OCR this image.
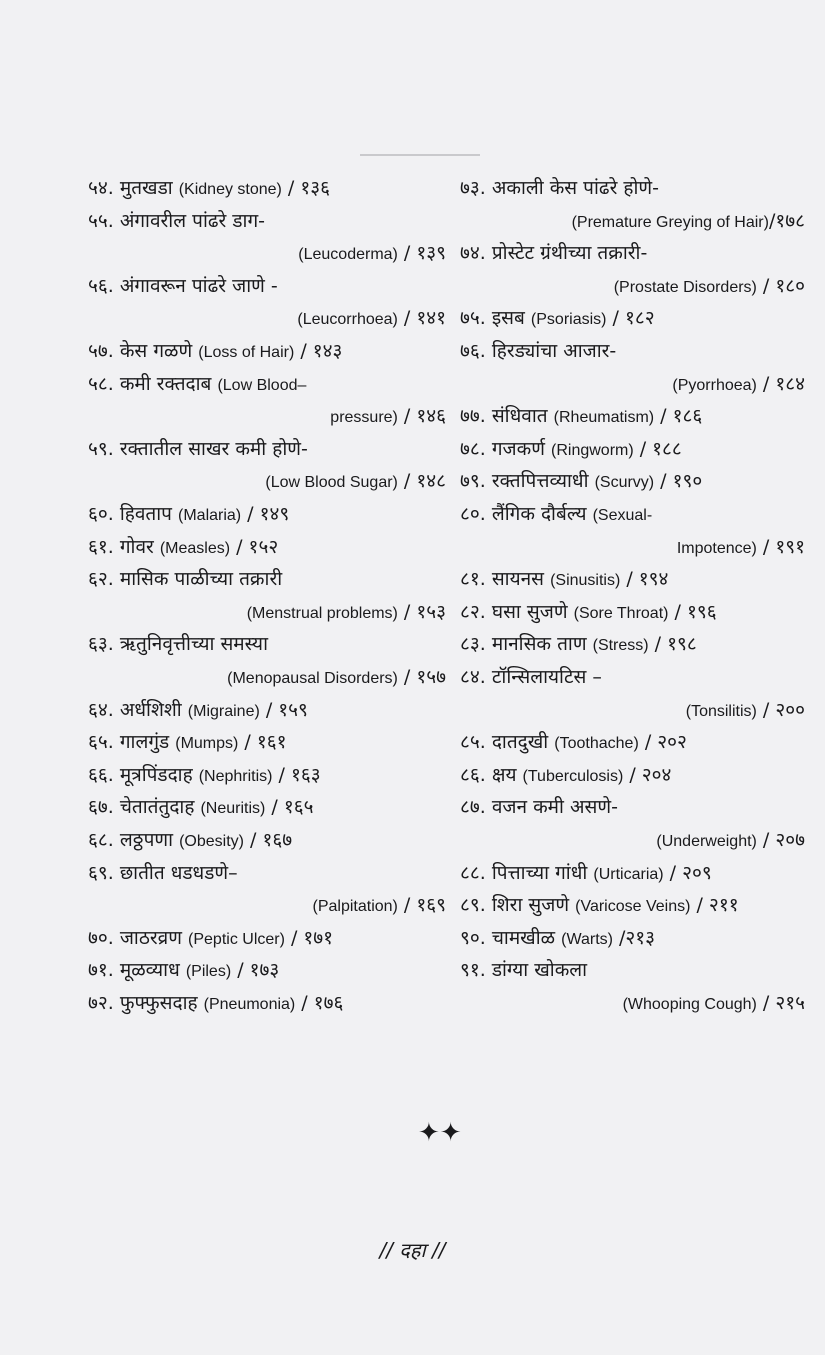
५४. मुतखडा (Kidney stone) / १३६
५५. अंगावरील पांढरे डाग-
(Leucoderma) / १३९
५६. अंगावरून पांढरे जाणे -
(Leucorrhoea) / १४१
५७. केस गळणे (Loss of Hair) / १४३
५८. कमी रक्तदाब (Low Blood–
pressure) / १४६
५९. रक्तातील साखर कमी होणे-
(Low Blood Sugar) / १४८
६०. हिवताप (Malaria) / १४९
६१. गोवर (Measles) / १५२
६२. मासिक पाळीच्या तक्रारी
(Menstrual problems) / १५३
६३. ऋतुनिवृत्तीच्या समस्या
(Menopausal Disorders) / १५७
६४. अर्धशिशी (Migraine) / १५९
६५. गालगुंड (Mumps) / १६१
६६. मूत्रपिंडदाह (Nephritis) / १६३
६७. चेतातंतुदाह (Neuritis) / १६५
६८. लठ्ठपणा (Obesity) / १६७
६९. छातीत धडधडणे–
(Palpitation) / १६९
७०. जाठरव्रण (Peptic Ulcer) / १७१
७१. मूळव्याध (Piles) / १७३
७२. फुफ्फुसदाह (Pneumonia) / १७६
७३. अकाली केस पांढरे होणे-
(Premature Greying of Hair)/१७८
७४. प्रोस्टेट ग्रंथीच्या तक्रारी-
(Prostate Disorders) / १८०
७५. इसब (Psoriasis) / १८२
७६. हिरड्यांचा आजार-
(Pyorrhoea) / १८४
७७. संधिवात (Rheumatism) / १८६
७८. गजकर्ण (Ringworm) / १८८
७९. रक्तपित्तव्याधी (Scurvy) / १९०
८०. लैंगिक दौर्बल्य (Sexual-
Impotence) / १९१
८१. सायनस (Sinusitis) / १९४
८२. घसा सुजणे (Sore Throat) / १९६
८३. मानसिक ताण (Stress) / १९८
८४. टॉन्सिलायटिस –
(Tonsilitis) / २००
८५. दातदुखी (Toothache) / २०२
८६. क्षय (Tuberculosis) / २०४
८७. वजन कमी असणे-
(Underweight) / २०७
८८. पित्ताच्या गांधी (Urticaria) / २०९
८९. शिरा सुजणे (Varicose Veins) / २११
९०. चामखीळ (Warts) /२१३
९१. डांग्या खोकला
(Whooping Cough) / २१५
✦✦
// दहा //
